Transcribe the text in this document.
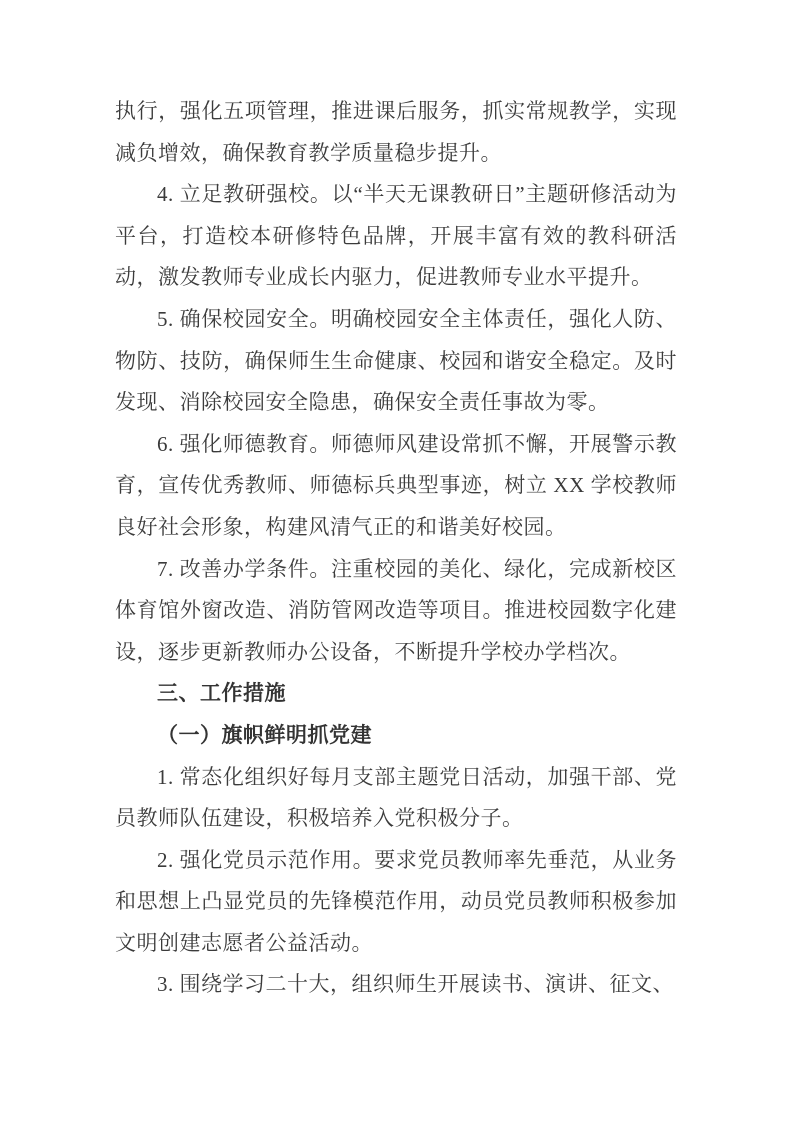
执行，强化五项管理，推进课后服务，抓实常规教学，实现减负增效，确保教育教学质量稳步提升。

4. 立足教研强校。以“半天无课教研日”主题研修活动为平台，打造校本研修特色品牌，开展丰富有效的教科研活动，激发教师专业成长内驱力，促进教师专业水平提升。

5. 确保校园安全。明确校园安全主体责任，强化人防、物防、技防，确保师生生命健康、校园和谐安全稳定。及时发现、消除校园安全隐患，确保安全责任事故为零。

6. 强化师德教育。师德师风建设常抓不懈，开展警示教育，宣传优秀教师、师德标兵典型事迹，树立 XX 学校教师良好社会形象，构建风清气正的和谐美好校园。

7. 改善办学条件。注重校园的美化、绿化，完成新校区体育馆外窗改造、消防管网改造等项目。推进校园数字化建设，逐步更新教师办公设备，不断提升学校办学档次。

三、工作措施

（一）旗帜鲜明抓党建

1. 常态化组织好每月支部主题党日活动，加强干部、党员教师队伍建设，积极培养入党积极分子。

2. 强化党员示范作用。要求党员教师率先垂范，从业务和思想上凸显党员的先锋模范作用，动员党员教师积极参加文明创建志愿者公益活动。

3. 围绕学习二十大，组织师生开展读书、演讲、征文、
